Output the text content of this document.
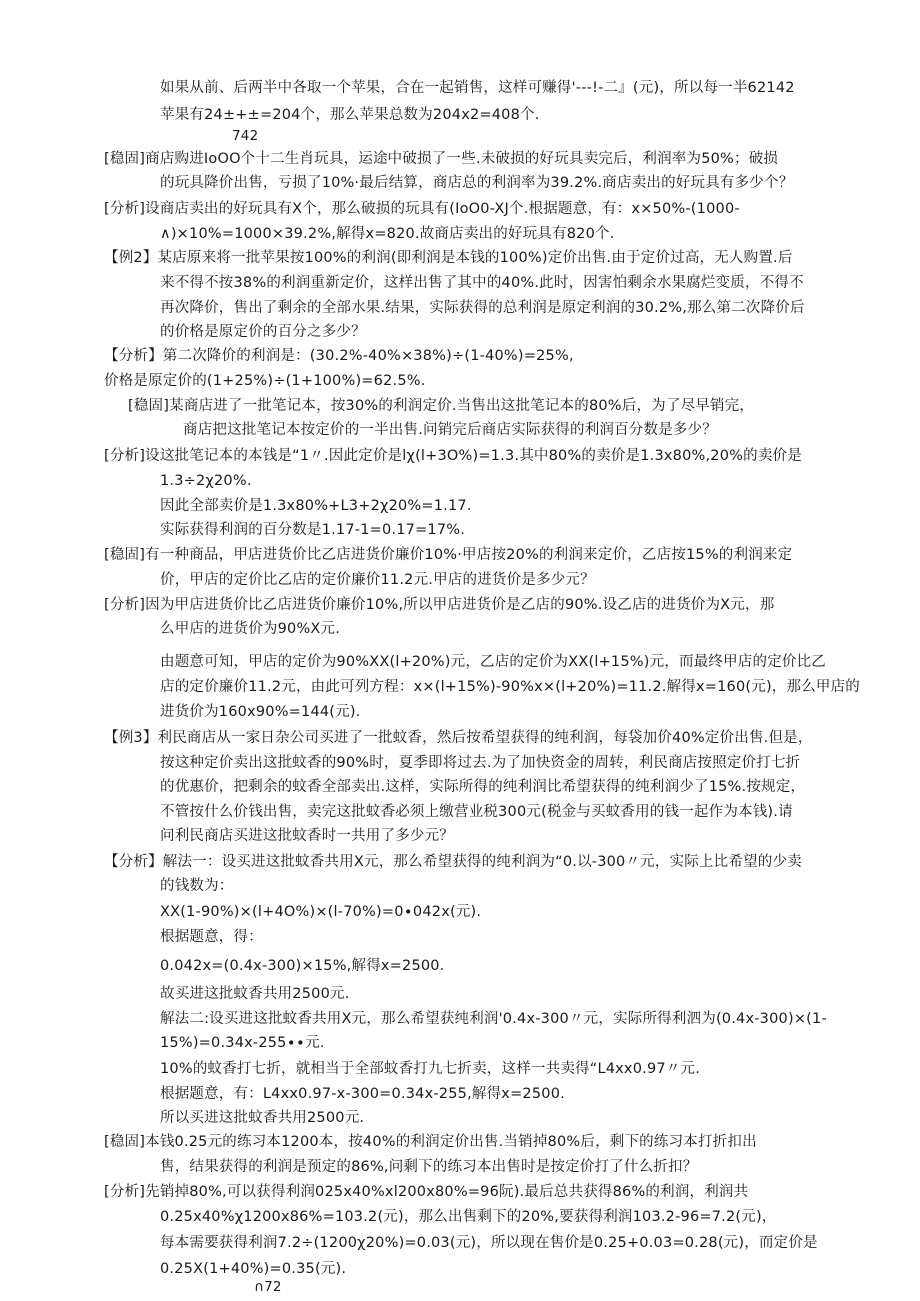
如果从前、后两半中各取一个苹果，合在一起销售，这样可赚得'---!-二』(元)，所以每一半62142
苹果有24±+±=204个，那么苹果总数为204x2=408个.
742
[稳固]商店购进IoOO个十二生肖玩具，运途中破损了一些.未破损的好玩具卖完后，利润率为50%；破损
的玩具降价出售，亏损了10%·最后结算，商店总的利润率为39.2%.商店卖出的好玩具有多少个？
[分析]设商店卖出的好玩具有X个，那么破损的玩具有(IoO0-XJ个.根据题意，有：x×50%-(1000-
∧)×10%=1000×39.2%,解得x=820.故商店卖出的好玩具有820个.
【例2】某店原来将一批苹果按100%的利润(即利润是本钱的100%)定价出售.由于定价过高，无人购置.后
来不得不按38%的利润重新定价，这样出售了其中的40%.此时，因害怕剩余水果腐烂变质，不得不
再次降价，售出了剩余的全部水果.结果，实际获得的总利润是原定利润的30.2%,那么第二次降价后
的价格是原定价的百分之多少？
【分析】第二次降价的利润是：(30.2%-40%×38%)÷(1-40%)=25%,
价格是原定价的(1+25%)÷(1+100%)=62.5%.
[稳固]某商店进了一批笔记本，按30%的利润定价.当售出这批笔记本的80%后，为了尽早销完，
商店把这批笔记本按定价的一半出售.问销完后商店实际获得的利润百分数是多少？
[分析]设这批笔记本的本钱是“1〃.因此定价是lχ(l+3O%)=1.3.其中80%的卖价是1.3x80%,20%的卖价是
1.3÷2χ20%.
因此全部卖价是1.3x80%+L3+2χ20%=1.17.
实际获得利润的百分数是1.17-1=0.17=17%.
[稳固]有一种商品，甲店进货价比乙店进货价廉价10%·甲店按20%的利润来定价，乙店按15%的利润来定
价，甲店的定价比乙店的定价廉价11.2元.甲店的进货价是多少元？
[分析]因为甲店进货价比乙店进货价廉价10%,所以甲店进货价是乙店的90%.设乙店的进货价为X元，那
么甲店的进货价为90%X元.
由题意可知，甲店的定价为90%XX(l+20%)元，乙店的定价为XX(l+15%)元，而最终甲店的定价比乙
店的定价廉价11.2元，由此可列方程：x×(l+15%)-90%x×(l+20%)=11.2.解得x=160(元)，那么甲店的
进货价为160x90%=144(元).
【例3】利民商店从一家日杂公司买进了一批蚊香，然后按希望获得的纯利润，每袋加价40%定价出售.但是，
按这种定价卖出这批蚊香的90%时，夏季即将过去.为了加快资金的周转，利民商店按照定价打七折
的优惠价，把剩余的蚊香全部卖出.这样，实际所得的纯利润比希望获得的纯利润少了15%.按规定，
不管按什么价钱出售，卖完这批蚊香必须上缴营业税300元(税金与买蚊香用的钱一起作为本钱).请
问利民商店买进这批蚊香时一共用了多少元？
【分析】解法一：设买进这批蚊香共用X元，那么希望获得的纯利润为“0.以-300〃元，实际上比希望的少卖
的钱数为：
XX(1-90%)×(l+4O%)×(l-70%)=0∙042x(元).
根据题意，得：
0.042x=(0.4x-300)×15%,解得x=2500.
故买进这批蚊香共用2500元.
解法二:设买进这批蚊香共用X元，那么希望获纯利润'0.4x-300〃元，实际所得利泗为(0.4x-300)×(1-
15%)=0.34x-255∙∙元.
10%的蚊香打七折，就相当于全部蚊香打九七折卖，这样一共卖得“L4xx0.97〃元.
根据题意，有：L4xx0.97-x-300=0.34x-255,解得x=2500.
所以买进这批蚊香共用2500元.
[稳固]本钱0.25元的练习本1200本，按40%的利润定价出售.当销掉80%后，剩下的练习本打折扣出
售，结果获得的利润是预定的86%,问剩下的练习本出售时是按定价打了什么折扣？
[分析]先销掉80%,可以获得利润025x40%xl200x80%=96阮).最后总共获得86%的利润，利润共
0.25x40%χ1200x86%=103.2(元)，那么出售剩下的20%,要获得利润103.2-96=7.2(元)，
每本需要获得利润7.2÷(1200χ20%)=0.03(元)，所以现在售价是0.25+0.03=0.28(元)，而定价是
0.25X(1+40%)=0.35(元).
∩72
